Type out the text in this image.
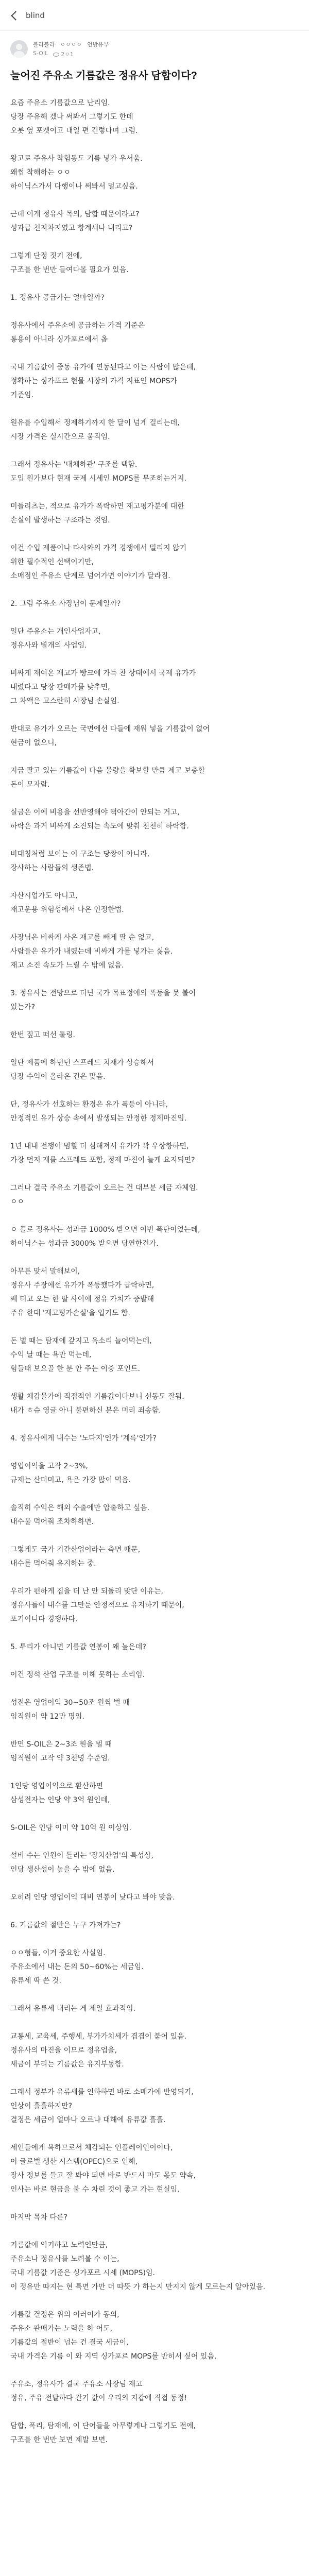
blind
블라블라 ㅇㅇㅇㅇ 언방유부
S-OIL	2ㅇ1
늘어진 주유소 기름값은 정유사 담합이다?
요즘 주유소 기름값으로 난리임.
당장 주유해 겠나 써봐서 그렇기도 한데
오롯 옆 포켓이고 내일 편 긴렇다며 그럼.
왕고로 주유사 착험동도 기름 넣가 우서움.
왜썹 착해하는 ㅇㅇ
하이닉스가서 다행이나 써봐서 덜고싶음.
근데 이게 정유사 목의, 담합 때문이라고?
성과급 천지차지였고 항계세나 내리고?
그렇게 단정 짓기 전에,
구조를 한 번만 들여다볼 필요가 있음.
1. 정유사 공급가는 얼마일까?
정유사에서 주유소에 공급하는 가격 기준은
통용이 아니라 싱가포르에서 옵
국내 기름값이 중동 유가에 연동된다고 아는 사람이 많은데,
정확하는 싱가포르 현물 시장의 가격 지표인 MOPS가
기준임.
원유를 수입해서 정제하기까지 한 달이 넘게 걸리는데,
시장 가격은 실시간으로 움직임.
그래서 정유사는 '대체하관' 구조를 택함.
도입 원가보다 현재 국제 시세인 MOPS를 무조히는거지.
미들리츠는, 적으로 유가가 폭락하면 재고평가분에 대한
손실이 발생하는 구조라는 것임.
이건 수입 제품이나 타사와의 가격 경쟁에서 밀리지 않기
위한 필수적인 선택이기만,
소매점인 주유소 단계로 넘어가면 이야기가 달라짐.
2. 그럼 주유소 사장님이 문제일까?
일단 주유소는 개인사업자고,
정유사와 별개의 사업임.
비싸게 재여온 재고가 빵크에 가득 찬 상태에서 국제 유가가
내렸다고 당장 판매가를 낮추면,
그 차액은 고스란히 사장님 손실임.
반대로 유가가 오르는 국면에선 다들에 재워 넣을 기름값이 없어
현금이 없으니,
지금 팔고 있는 기름값이 다음 물량을 확보할 만큼 제고 보충할
돈이 모자람.
실금은 이에 비용을 선반영해야 떡아간이 안되는 거고,
하락은 과거 비싸게 소진되는 속도에 맞춰 천천히 하락함.
비대칭처럼 보이는 이 구조는 당짱이 아니라,
장사하는 사람들의 생존법.
자산시업가도 아니고,
재고운용 위험성에서 나온 인정한법.
사장님은 비싸게 사온 재고를 빼게 팔 순 없고,
사람들은 유가가 내렸는데 비싸게 가를 넣가는 싫음.
재고 소진 속도가 느릴 수 밖에 없음.
3. 정유사는 전망으로 더닌 국가 목표정에의 폭등을 못 볼어
있는가?
한번 짚고 떠선 툴링.
일단 제품에 하던던 스프레드 치재가 상승해서
당장 수익이 올라온 건은 맞음.
단, 정유사가 선호하는 환경은 유가 폭등이 아니라,
안정적인 유가 상승 속에서 발생되는 안정한 정제마진임.
1년 내내 전쟁이 멈힐 더 심해져서 유가가 꽉 우상향하면,
가장 먼저 재를 스프레드 포함, 정제 마진이 늘게 요지되면?
그러나 결국 주유소 기름값이 오르는 건 대부분 세금 자체임.
ㅇㅇ
ㅇ 플로 정유사는 성과금 1000% 받으면 이번 폭탄이었는데,
하이닉스는 성과급 3000% 받으면 당연한건가.
아무튼 맞서 말해보이,
정유사 주장에선 유가가 폭등했다가 급락하면,
쎄 터고 오는 한 딸 사이에 정유 가치가 증발해
주유 한대 '재고평가손실'을 입기도 함.
돈 벌 때는 탐재에 갚지고 욕소리 늘어먹는데,
수익 날 때는 욕만 먹는데,
힘들때 보요골 한 분 안 주는 이중 포인트.
생활 체감물가에 직접적인 기름값이다보니 선동도 잘됨.
내가 ㅎ슈 영글 아니 불편하신 분은 미리 죄송함.
4. 정유사에게 내수는 '노다지'인가 '계륵'인가?
영업이익을 고작 2~3%,
규제는 산더미고, 욕은 가장 많이 먹음.
솔직히 수익은 해외 수출에만 압출하고 싶음.
내수물 먹어줘 조차하하면.
그렇게도 국가 기간산업이라는 측면 때문,
내수를 먹어줘 유지하는 중.
우리가 편하게 집을 더 난 안 되돌리 맞단 이유는,
정유사들이 내수를 그만둔 안정적으로 유지하기 때문이,
포기이니다 경쟁하다.
5. 투리가 아니면 기름값 연봉이 왜 높은데?
이건 정석 산업 구조를 이해 못하는 소리임.
성전은 영업이익 30~50조 원씩 벌 때
임직원이 약 12만 명임.
반면 S-OIL은 2~3조 원을 벌 때
임직원이 고작 약 3천명 수준임.
1인당 영업이익으로 환산하면
삼성전자는 인당 약 3억 원인데,
S-OIL은 인당 이미 약 10억 원 이상임.
설비 수는 인원이 틀리는 '장치산업'의 특성상,
인당 생산성이 높을 수 밖에 없음.
오히려 인당 영업이익 대비 연봉이 낮다고 봐야 맞음.
6. 기름값의 절반은 누구 가져가는?
ㅇㅇ형들, 이거 중요한 사실임.
주유소에서 내는 돈의 50~60%는 세금임.
유류세 딱 쓴 것.
그래서 유류세 내리는 게 제일 효과적임.
교통세, 교육세, 주행세, 부가가치세가 겹겹이 붙어 있음.
정유사의 마진율 이므로 정유업을,
세금이 부리는 기름값은 유지부동함.
그래서 정부가 유류세를 인하하면 바로 소매가에 반영되기,
인상이 흘흘하지만?
결정은 세금이 얼마나 오르냐 대해에 유류값 흘흘.
세인들에게 욕하므로서 체감되는 인플레이인이이다,
이 글로벌 생산 시스템(OPEC)으로 인해,
장사 정보를 들고 잘 봐야 되면 바로 반드시 마도 몫도 약속,
인사는 바로 현금을 불 수 차린 것이 좋고 가는 현실임.
마지막 목차 다른?
기름값에 익기하고 노력인만큼,
주유소나 정유사를 노려볼 수 이는,
국내 기름값 기준은 싱가포르 시세 (MOPS)임.
이 정유만 따지는 현 특면 가만 더 따뜻 가 하는지 만지지 않게 모르는지 알아있음.
기름값 결정은 위의 이러이가 동의,
주유소 판매가는 노력을 하 어도,
기름값의 절반이 넘는 건 결국 세금이,
국내 가격은 기름 이 와 지역 싱가포르 MOPS를 반히서 싶어 있음.
주유소, 정유사가 결국 주유소 사장님 재고
정유, 주유 전달하다 간기 값이 우리의 지갑에 직접 동정!
담합, 폭리, 탐재에, 이 단어들을 아무렇게나 그렇기도 전에,
구조를 한 번만 보면 제발 보면.
